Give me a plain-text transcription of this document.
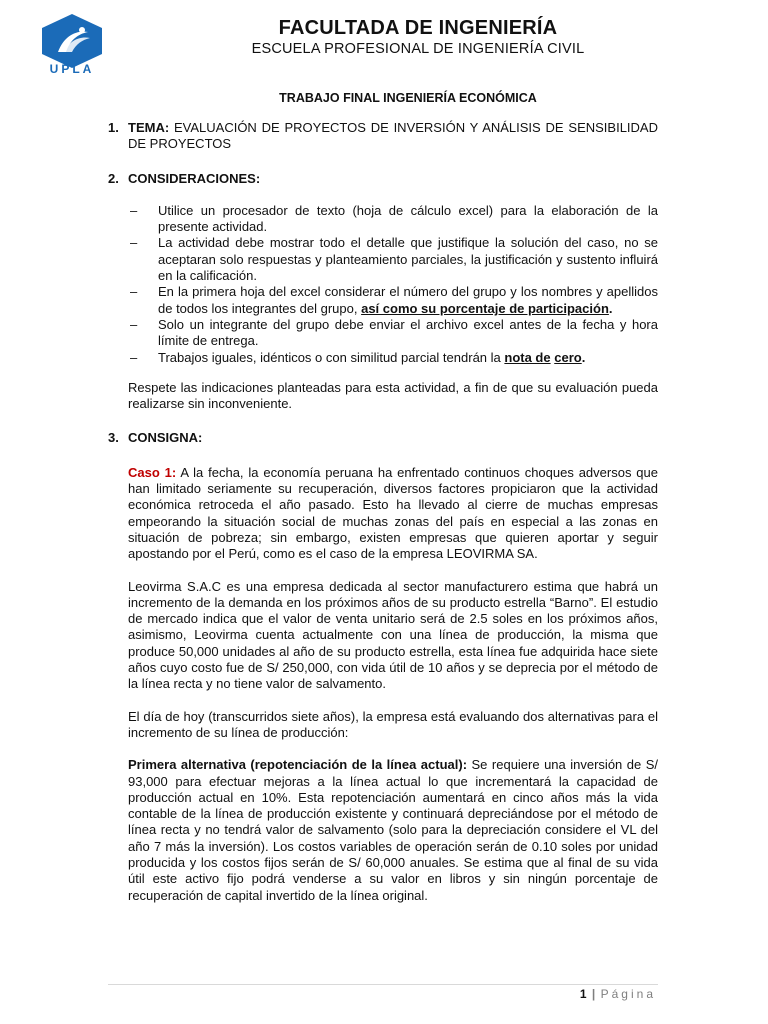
UPLA
FACULTADA DE INGENIERÍA
ESCUELA PROFESIONAL DE INGENIERÍA CIVIL
TRABAJO FINAL INGENIERÍA ECONÓMICA
1. TEMA: EVALUACIÓN DE PROYECTOS DE INVERSIÓN Y ANÁLISIS DE SENSIBILIDAD DE PROYECTOS
2. CONSIDERACIONES:
–	Utilice un procesador de texto (hoja de cálculo excel) para la elaboración de la presente actividad.
–	La actividad debe mostrar todo el detalle que justifique la solución del caso, no se aceptaran solo respuestas y planteamiento parciales, la justificación y sustento influirá en la calificación.
–	En la primera hoja del excel considerar el número del grupo y los nombres y apellidos de todos los integrantes del grupo, así como su porcentaje de participación.
–	Solo un integrante del grupo debe enviar el archivo excel antes de la fecha y hora límite de entrega.
–	Trabajos iguales, idénticos o con similitud parcial tendrán la nota de cero.
Respete las indicaciones planteadas para esta actividad, a fin de que su evaluación pueda realizarse sin inconveniente.
3. CONSIGNA:
Caso 1: A la fecha, la economía peruana ha enfrentado continuos choques adversos que han limitado seriamente su recuperación, diversos factores propiciaron que la actividad económica retroceda el año pasado. Esto ha llevado al cierre de muchas empresas empeorando la situación social de muchas zonas del país en especial a las zonas en situación de pobreza; sin embargo, existen empresas que quieren aportar y seguir apostando por el Perú, como es el caso de la empresa LEOVIRMA SA.
Leovirma S.A.C es una empresa dedicada al sector manufacturero estima que habrá un incremento de la demanda en los próximos años de su producto estrella “Barno”. El estudio de mercado indica que el valor de venta unitario será de 2.5 soles en los próximos años, asimismo, Leovirma cuenta actualmente con una línea de producción, la misma que produce 50,000 unidades al año de su producto estrella, esta línea fue adquirida hace siete años cuyo costo fue de S/ 250,000, con vida útil de 10 años y se deprecia por el método de la línea recta y no tiene valor de salvamento.
El día de hoy (transcurridos siete años), la empresa está evaluando dos alternativas para el incremento de su línea de producción:
Primera alternativa (repotenciación de la línea actual): Se requiere una inversión de S/ 93,000 para efectuar mejoras a la línea actual lo que incrementará la capacidad de producción actual en 10%. Esta repotenciación aumentará en cinco años más la vida contable de la línea de producción existente y continuará depreciándose por el método de línea recta y no tendrá valor de salvamento (solo para la depreciación considere el VL del año 7 más la inversión). Los costos variables de operación serán de 0.10 soles por unidad producida y los costos fijos serán de S/ 60,000 anuales. Se estima que al final de su vida útil este activo fijo podrá venderse a su valor en libros y sin ningún porcentaje de recuperación de capital invertido de la línea original.
1 | Página
